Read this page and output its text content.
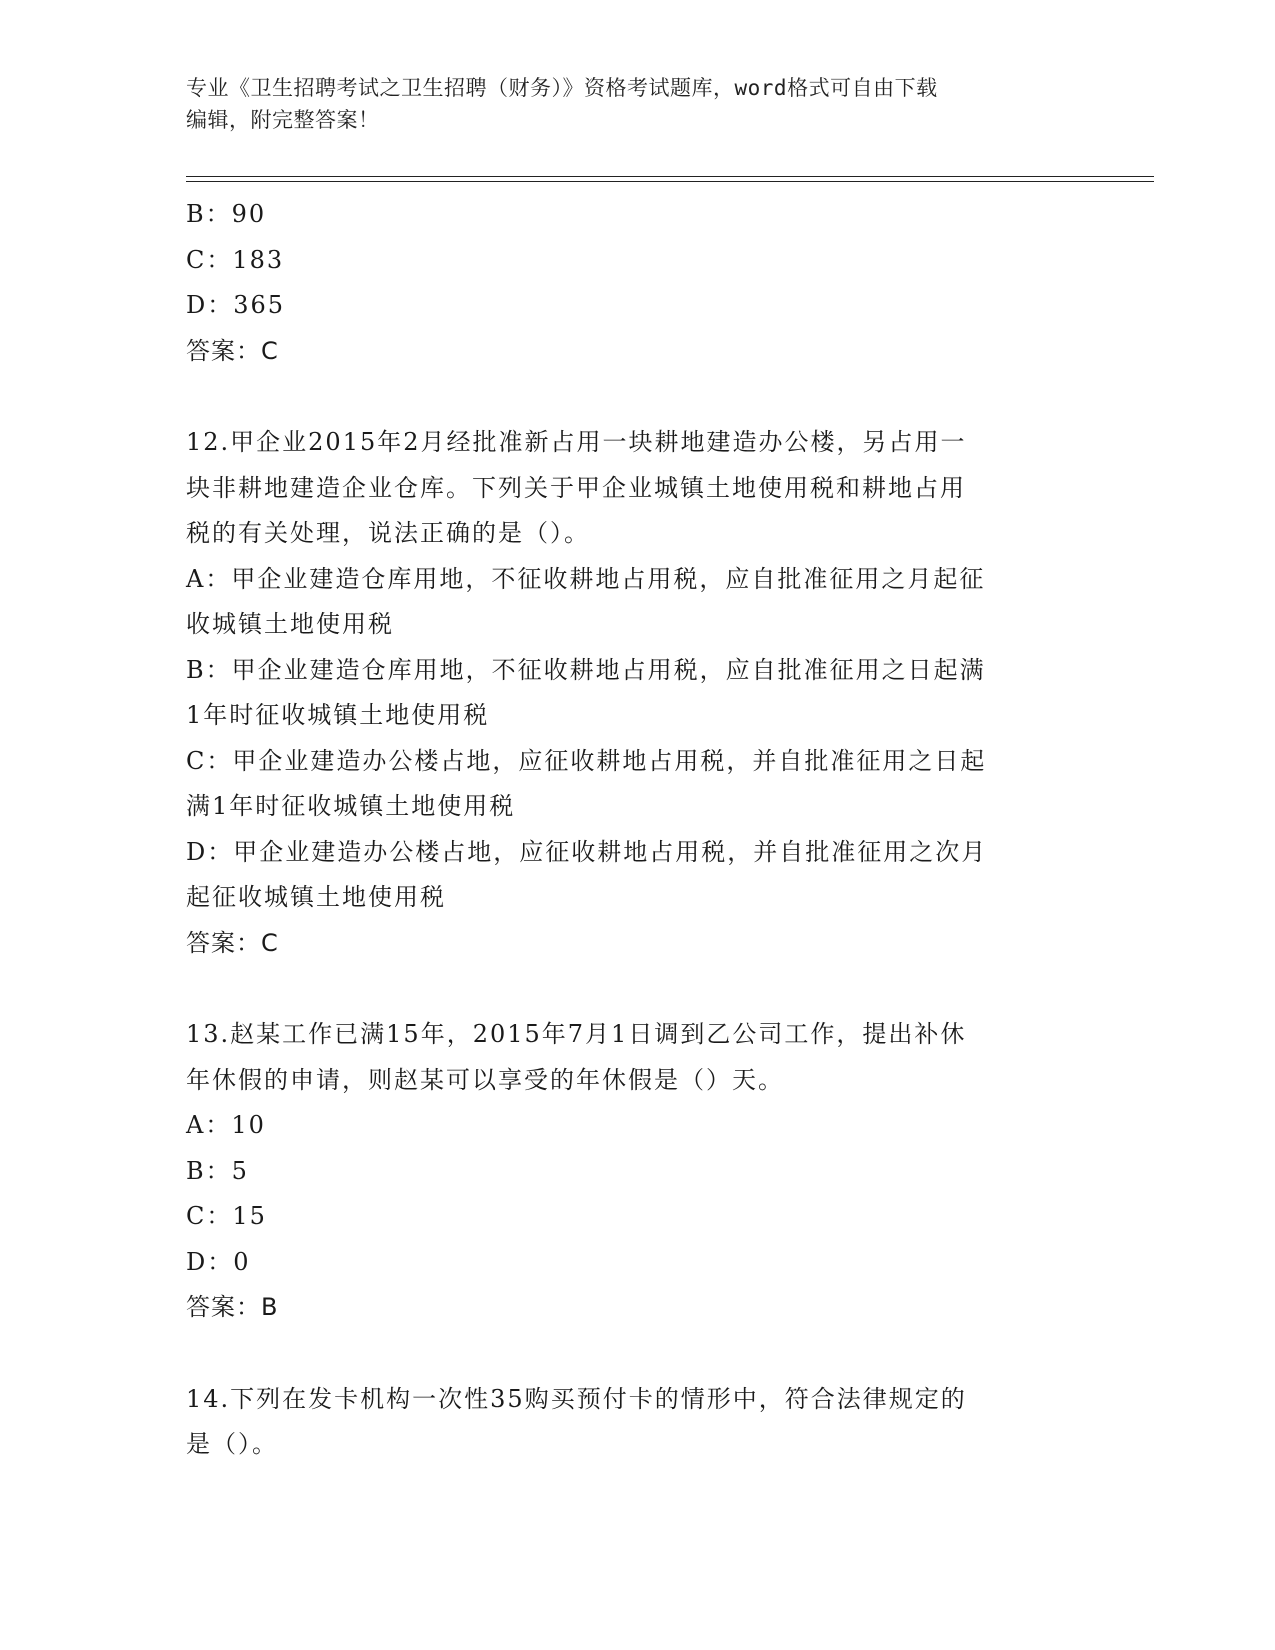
专业《卫生招聘考试之卫生招聘（财务）》资格考试题库，word格式可自由下载
编辑，附完整答案！
B：90
C：183
D：365
答案：C
12.甲企业2015年2月经批准新占用一块耕地建造办公楼，另占用一
块非耕地建造企业仓库。下列关于甲企业城镇土地使用税和耕地占用
税的有关处理，说法正确的是（）。
A：甲企业建造仓库用地，不征收耕地占用税，应自批准征用之月起征
收城镇土地使用税
B：甲企业建造仓库用地，不征收耕地占用税，应自批准征用之日起满
1年时征收城镇土地使用税
C：甲企业建造办公楼占地，应征收耕地占用税，并自批准征用之日起
满1年时征收城镇土地使用税
D：甲企业建造办公楼占地，应征收耕地占用税，并自批准征用之次月
起征收城镇土地使用税
答案：C
13.赵某工作已满15年，2015年7月1日调到乙公司工作，提出补休
年休假的申请，则赵某可以享受的年休假是（）天。
A：10
B：5
C：15
D：0
答案：B
14.下列在发卡机构一次性35购买预付卡的情形中，符合法律规定的
是（）。
